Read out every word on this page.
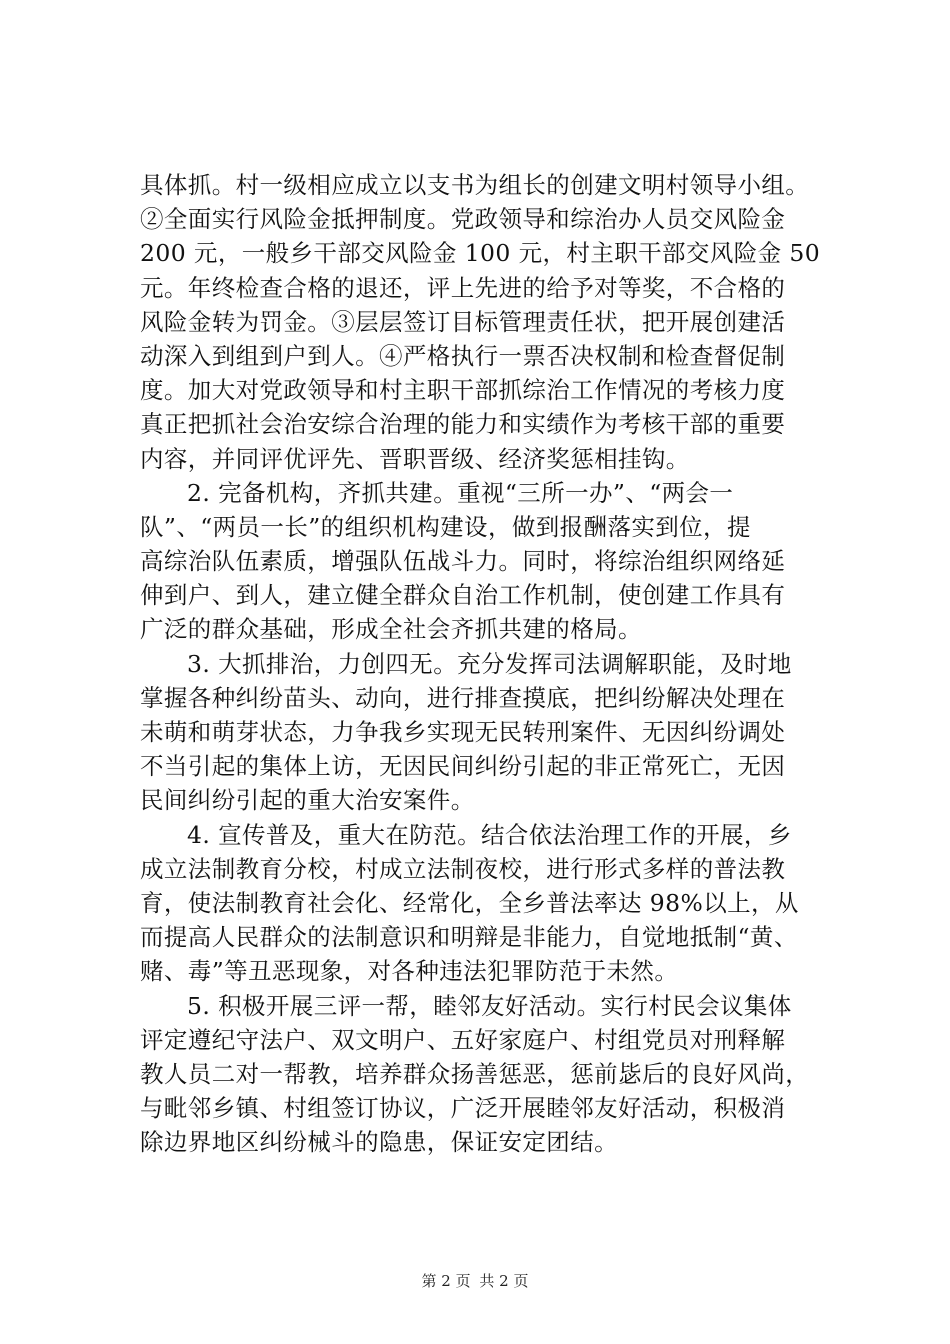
具体抓。村一级相应成立以支书为组长的创建文明村领导小组。
②全面实行风险金抵押制度。党政领导和综治办人员交风险金
200 元，一般乡干部交风险金 100 元，村主职干部交风险金 50
元。年终检查合格的退还，评上先进的给予对等奖，不合格的
风险金转为罚金。③层层签订目标管理责任状，把开展创建活
动深入到组到户到人。④严格执行一票否决权制和检查督促制
度。加大对党政领导和村主职干部抓综治工作情况的考核力度
真正把抓社会治安综合治理的能力和实绩作为考核干部的重要
内容，并同评优评先、晋职晋级、经济奖惩相挂钩。
2. 完备机构，齐抓共建。重视“三所一办”、“两会一
队”、“两员一长”的组织机构建设，做到报酬落实到位，提
高综治队伍素质，增强队伍战斗力。同时，将综治组织网络延
伸到户、到人，建立健全群众自治工作机制，使创建工作具有
广泛的群众基础，形成全社会齐抓共建的格局。
3. 大抓排治，力创四无。充分发挥司法调解职能，及时地
掌握各种纠纷苗头、动向，进行排查摸底，把纠纷解决处理在
未萌和萌芽状态，力争我乡实现无民转刑案件、无因纠纷调处
不当引起的集体上访，无因民间纠纷引起的非正常死亡，无因
民间纠纷引起的重大治安案件。
4. 宣传普及，重大在防范。结合依法治理工作的开展，乡
成立法制教育分校，村成立法制夜校，进行形式多样的普法教
育，使法制教育社会化、经常化，全乡普法率达 98%以上，从
而提高人民群众的法制意识和明辩是非能力，自觉地抵制“黄、
赌、毒”等丑恶现象，对各种违法犯罪防范于未然。
5. 积极开展三评一帮，睦邻友好活动。实行村民会议集体
评定遵纪守法户、双文明户、五好家庭户、村组党员对刑释解
教人员二对一帮教，培养群众扬善惩恶，惩前毖后的良好风尚，
与毗邻乡镇、村组签订协议，广泛开展睦邻友好活动，积极消
除边界地区纠纷械斗的隐患，保证安定团结。
第 2 页 共 2 页
